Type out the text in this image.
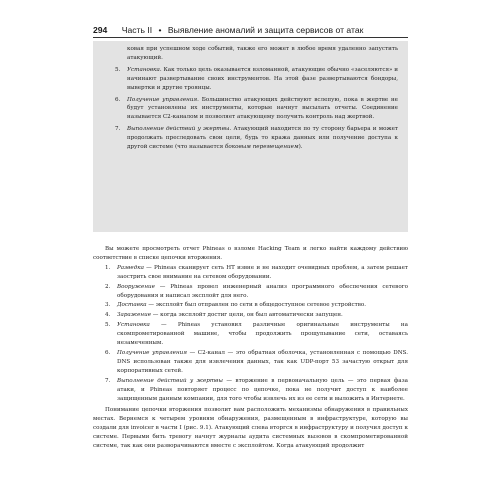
294 Часть II • Выявление аномалий и защита сервисов от атак
ковая при успешном ходе событий, также его может в любое время удаленно запустить атакующий.
5. Установка. Как только цель оказывается взломанной, атакующие обычно «заселяются» и начинают развертывание своих инструментов. На этой фазе развертываются бондоры, вывертки и другие троянцы.
6. Получение управления. Большинство атакующих действуют вслепую, пока в жертве не будут установлены их инструменты, которые начнут высылать отчеты. Соединение называется C2-каналом и позволяет атакующему получить контроль над жертвой.
7. Выполнение действий у жертвы. Атакующий находится по ту сторону барьера и может продолжать преследовать свои цели, будь то кража данных или получение доступа к другой системе (что называется боковым перемещением).
Вы можете просмотреть отчет Phineas о взломе Hacking Team и легко найти каждому действию соответствие в списке цепочки вторжения.
1. Разведка — Phineas сканирует сеть HT извне и не находит очевидных проблем, а затем решает заострить свое внимание на сетевом оборудовании.
2. Вооружение — Phineas провел инженерный анализ программного обеспечения сетевого оборудования и написал эксплойт для него.
3. Доставка — эксплойт был отправлен по сети в общедоступное сетевое устройство.
4. Заражение — когда эксплойт достиг цели, он был автоматически запущен.
5. Установка — Phineas установил различные оригинальные инструменты на скомпрометированной машине, чтобы продолжить прощупывание сети, оставаясь незамеченным.
6. Получение управления — C2-канал — это обратная оболочка, установленная с помощью DNS. DNS использован также для извлечения данных, так как UDP-порт 53 зачастую открыт для корпоративных сетей.
7. Выполнение действий у жертвы — вторжение в первоначальную цель — это первая фаза атаки, и Phineas повторяет процесс по цепочке, пока не получит доступ к наиболее защищенным данным компании, для того чтобы извлечь их из ее сети и выложить в Интернете.
Понимание цепочки вторжения позволит вам расположить механизмы обнаружения в правильных местах. Вернемся к четырем уровням обнаружения, размещенным в инфраструктуре, которую вы создали для invoicer в части I (рис. 9.1). Атакующий слева вторгся в инфраструктуру и получил доступ к системе. Первыми бить тревогу начнут журналы аудита системных вызовов в скомпрометированной системе, так как они разворачиваются вместе с эксплойтом. Когда атакующий продолжит
